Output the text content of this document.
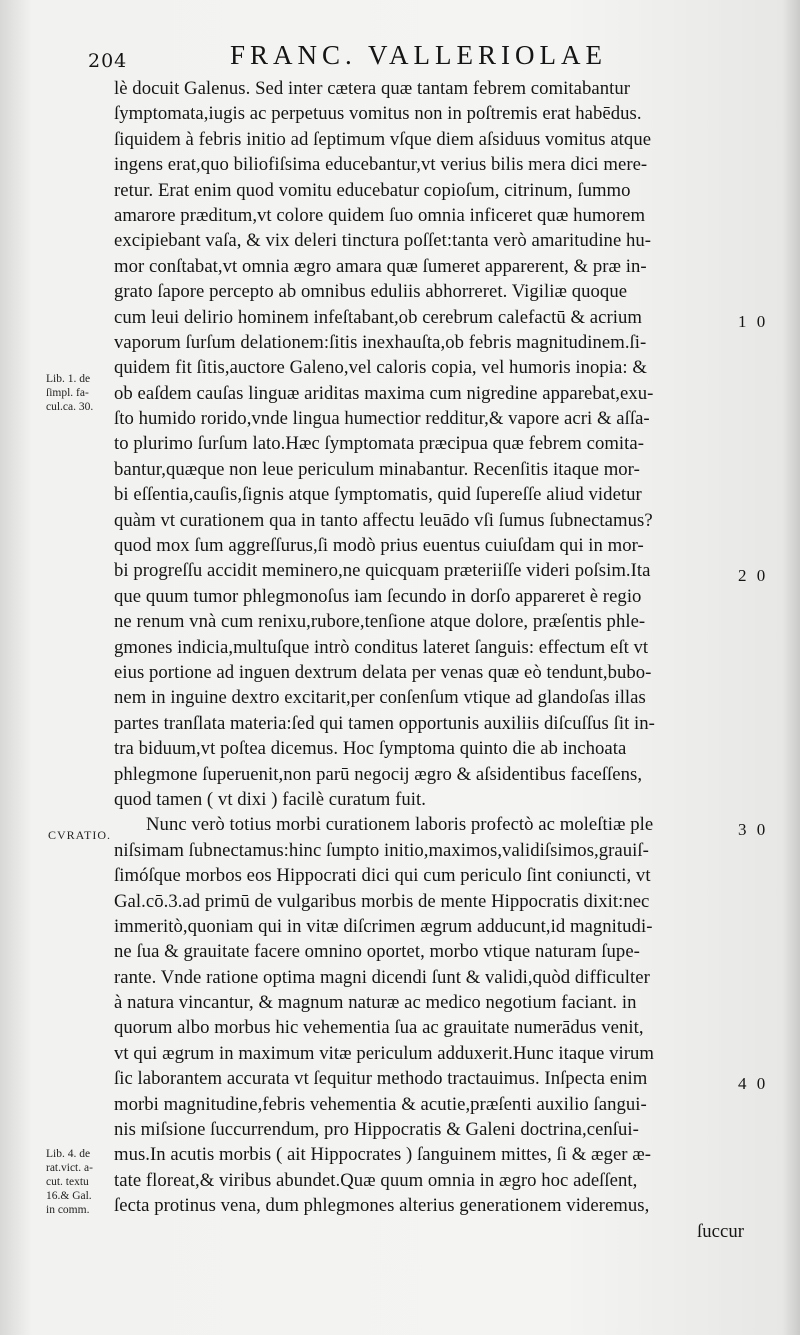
204	FRANC. VALLERIOLAE
lè docuit Galenus. Sed inter cætera quæ tantam febrem comitabantur
ſymptomata,iugis ac perpetuus vomitus non in poſtremis erat habēdus.
ſiquidem à febris initio ad ſeptimum vſque diem aſsiduus vomitus atque
ingens erat,quo biliofiſsima educebantur,vt verius bilis mera dici mere-
retur. Erat enim quod vomitu educebatur copioſum, citrinum, ſummo
amarore præditum,vt colore quidem ſuo omnia inficeret quæ humorem
excipiebant vaſa, & vix deleri tinctura poſſet:tanta verò amaritudine hu-
mor conſtabat,vt omnia ægro amara quæ ſumeret apparerent, & præ in-
grato ſapore percepto ab omnibus eduliis abhorreret. Vigiliæ quoque
cum leui delirio hominem infeſtabant,ob cerebrum calefactū & acrium
vaporum ſurſum delationem:ſitis inexhauſta,ob febris magnitudinem.ſi-
quidem fit ſitis,auctore Galeno,vel caloris copia, vel humoris inopia: &
ob eaſdem cauſas linguæ ariditas maxima cum nigredine apparebat,exu-
ſto humido rorido,vnde lingua humectior redditur,& vapore acri & aſſa-
to plurimo ſurſum lato.Hæc ſymptomata præcipua quæ febrem comita-
bantur,quæque non leue periculum minabantur. Recenſitis itaque mor-
bi eſſentia,cauſis,ſignis atque ſymptomatis, quid ſupereſſe aliud videtur
quàm vt curationem qua in tanto affectu leuādo vſi ſumus ſubnectamus?
quod mox ſum aggreſſurus,ſi modò prius euentus cuiuſdam qui in mor-
bi progreſſu accidit meminero,ne quicquam præteriiſſe videri poſsim.Ita
que quum tumor phlegmonoſus iam ſecundo in dorſo appareret è regio
ne renum vnà cum renixu,rubore,tenſione atque dolore, præſentis phle-
gmones indicia,multuſque intrò conditus lateret ſanguis: effectum eſt vt
eius portione ad inguen dextrum delata per venas quæ eò tendunt,bubo-
nem in inguine dextro excitarit,per conſenſum vtique ad glandoſas illas
partes tranſlata materia:ſed qui tamen opportunis auxiliis diſcuſſus ſit in-
tra biduum,vt poſtea dicemus. Hoc ſymptoma quinto die ab inchoata
phlegmone ſuperuenit,non parū negocij ægro & aſsidentibus faceſſens,
quod tamen ( vt dixi ) facilè curatum fuit.
Nunc verò totius morbi curationem laboris profectò ac moleſtiæ ple
niſsimam ſubnectamus:hinc ſumpto initio,maximos,validiſsimos,grauiſ-
ſimóſque morbos eos Hippocrati dici qui cum periculo ſint coniuncti, vt
Gal.cō.3.ad primū de vulgaribus morbis de mente Hippocratis dixit:nec
immeritò,quoniam qui in vitæ diſcrimen ægrum adducunt,id magnitudi-
ne ſua & grauitate facere omnino oportet, morbo vtique naturam ſupe-
rante. Vnde ratione optima magni dicendi ſunt & validi,quòd difficulter
à natura vincantur, & magnum naturæ ac medico negotium faciant. in
quorum albo morbus hic vehementia ſua ac grauitate numerādus venit,
vt qui ægrum in maximum vitæ periculum adduxerit.Hunc itaque virum
ſic laborantem accurata vt ſequitur methodo tractauimus. Inſpecta enim
morbi magnitudine,febris vehementia & acutie,præſenti auxilio ſangui-
nis miſsione ſuccurrendum, pro Hippocratis & Galeni doctrina,cenſui-
mus.In acutis morbis ( ait Hippocrates ) ſanguinem mittes, ſi & æger æ-
tate floreat,& viribus abundet.Quæ quum omnia in ægro hoc adeſſent,
ſecta protinus vena, dum phlegmones alterius generationem videremus,
ſuccur
Lib. 1. de
ſimpl. fa-
cul.ca. 30.
CVRATIO.
Lib. 4. de
rat.vict. a-
cut. textu
16.& Gal.
in comm.
1 0
2 0
3 0
4 0
